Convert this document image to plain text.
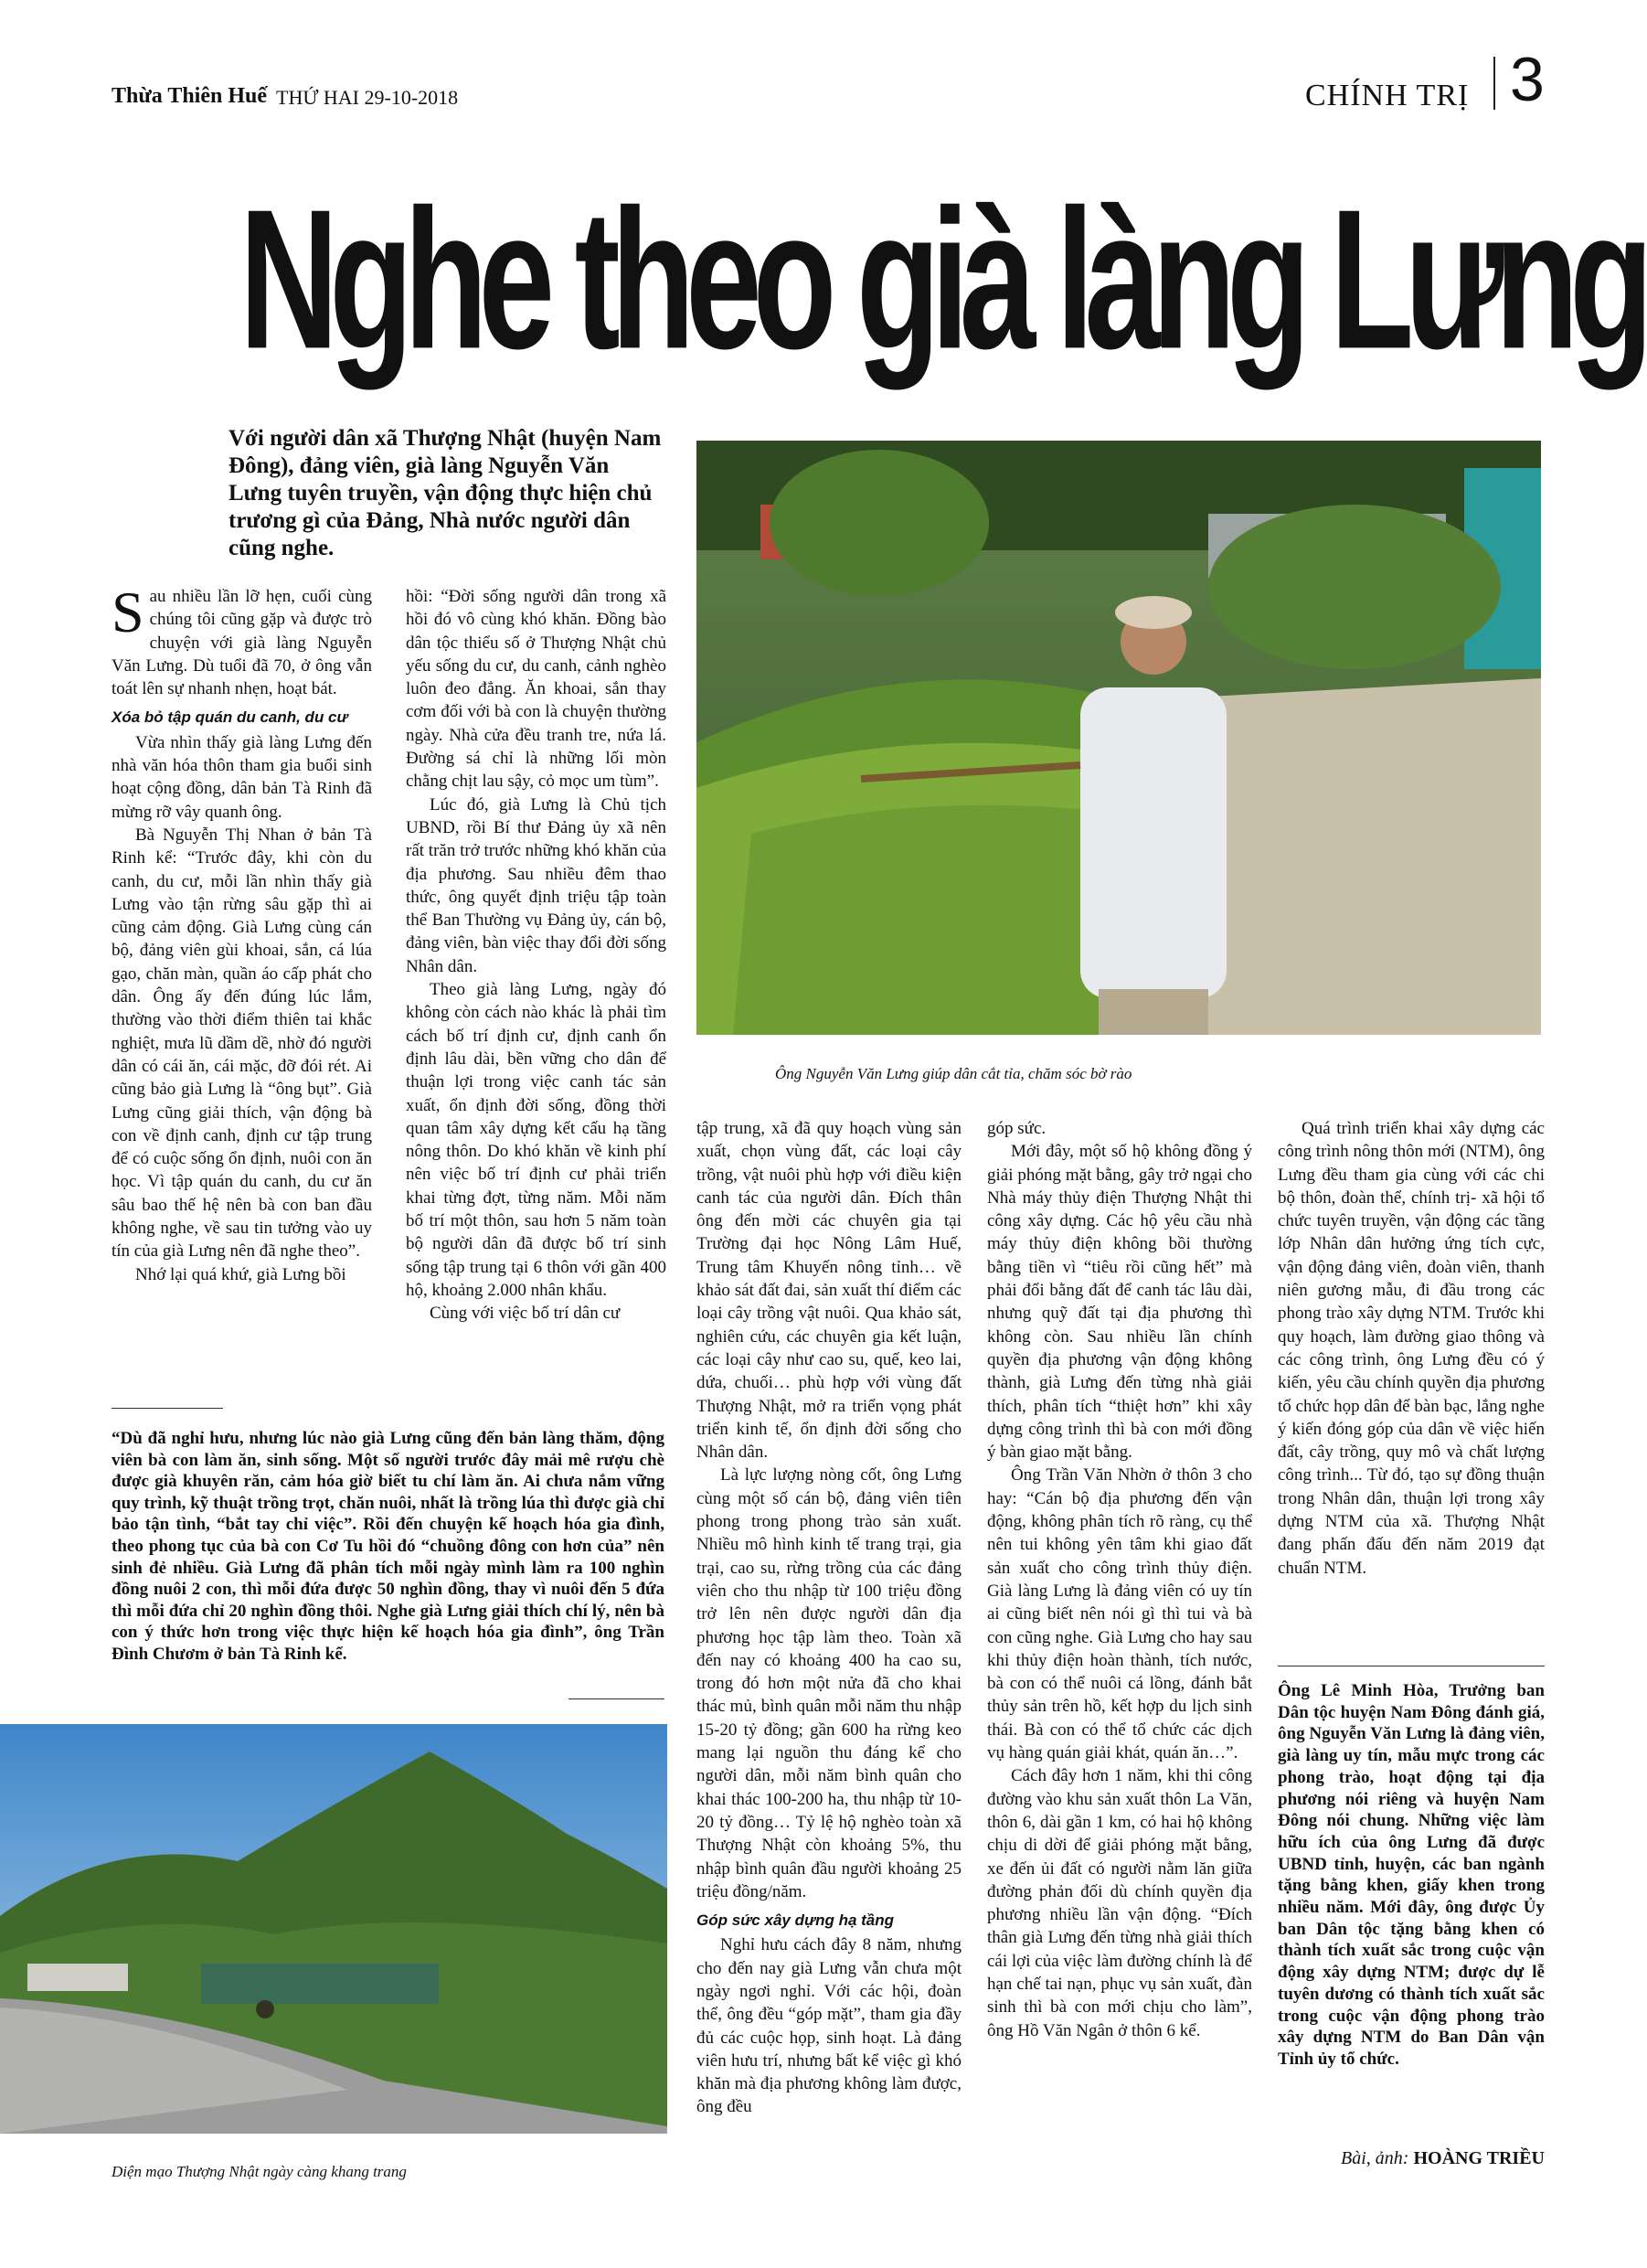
Thừa Thiên Huế THỨ HAI 29-10-2018	CHÍNH TRỊ 3
Nghe theo già làng Lưng
Với người dân xã Thượng Nhật (huyện Nam Đông), đảng viên, già làng Nguyễn Văn Lưng tuyên truyền, vận động thực hiện chủ trương gì của Đảng, Nhà nước người dân cũng nghe.
Ông Nguyễn Văn Lưng giúp dân cắt tỉa, chăm sóc bờ rào

Sau nhiều lần lỡ hẹn, cuối cùng chúng tôi cũng gặp và được trò chuyện với già làng Nguyễn Văn Lưng. Dù tuổi đã 70, ở ông vẫn toát lên sự nhanh nhẹn, hoạt bát.

Xóa bỏ tập quán du canh, du cư

Vừa nhìn thấy già làng Lưng đến nhà văn hóa thôn tham gia buổi sinh hoạt cộng đồng, dân bản Tà Rinh đã mừng rỡ vây quanh ông.

Bà Nguyễn Thị Nhan ở bản Tà Rinh kể: “Trước đây, khi còn du canh, du cư, mỗi lần nhìn thấy già Lưng vào tận rừng sâu gặp thì ai cũng cảm động. Già Lưng cùng cán bộ, đảng viên gùi khoai, sắn, cá lúa gạo, chăn màn, quần áo cấp phát cho dân. Ông ấy đến đúng lúc lắm, thường vào thời điểm thiên tai khắc nghiệt, mưa lũ dầm dề, nhờ đó người dân có cái ăn, cái mặc, đỡ đói rét. Ai cũng bảo già Lưng là “ông bụt”. Già Lưng cũng giải thích, vận động bà con về định canh, định cư tập trung để có cuộc sống ổn định, nuôi con ăn học. Vì tập quán du canh, du cư ăn sâu bao thế hệ nên bà con ban đầu không nghe, về sau tin tưởng vào uy tín của già Lưng nên đã nghe theo”.

Nhớ lại quá khứ, già Lưng bồi

hồi: “Đời sống người dân trong xã hồi đó vô cùng khó khăn. Đồng bào dân tộc thiểu số ở Thượng Nhật chủ yếu sống du cư, du canh, cảnh nghèo luôn đeo đẳng. Ăn khoai, sắn thay cơm đối với bà con là chuyện thường ngày. Nhà cửa đều tranh tre, nứa lá. Đường sá chỉ là những lối mòn chằng chịt lau sậy, cỏ mọc um tùm”.

Lúc đó, già Lưng là Chủ tịch UBND, rồi Bí thư Đảng ủy xã nên rất trăn trở trước những khó khăn của địa phương. Sau nhiều đêm thao thức, ông quyết định triệu tập toàn thể Ban Thường vụ Đảng ủy, cán bộ, đảng viên, bàn việc thay đổi đời sống Nhân dân.

Theo già làng Lưng, ngày đó không còn cách nào khác là phải tìm cách bố trí định cư, định canh ổn định lâu dài, bền vững cho dân để thuận lợi trong việc canh tác sản xuất, ổn định đời sống, đồng thời quan tâm xây dựng kết cấu hạ tầng nông thôn. Do khó khăn về kinh phí nên việc bố trí định cư phải triển khai từng đợt, từng năm. Mỗi năm bố trí một thôn, sau hơn 5 năm toàn bộ người dân đã được bố trí sinh sống tập trung tại 6 thôn với gần 400 hộ, khoảng 2.000 nhân khẩu.

Cùng với việc bố trí dân cư

“Dù đã nghỉ hưu, nhưng lúc nào già Lưng cũng đến bản làng thăm, động viên bà con làm ăn, sinh sống. Một số người trước đây mải mê rượu chè được già khuyên răn, cảm hóa giờ biết tu chí làm ăn. Ai chưa nắm vững quy trình, kỹ thuật trồng trọt, chăn nuôi, nhất là trồng lúa thì được già chỉ bảo tận tình, “bắt tay chỉ việc”. Rồi đến chuyện kế hoạch hóa gia đình, theo phong tục của bà con Cơ Tu hồi đó “chuồng đông con hơn của” nên sinh đẻ nhiều. Già Lưng đã phân tích mỗi ngày mình làm ra 100 nghìn đồng nuôi 2 con, thì mỗi đứa được 50 nghìn đồng, thay vì nuôi đến 5 đứa thì mỗi đứa chỉ 20 nghìn đồng thôi. Nghe già Lưng giải thích chí lý, nên bà con ý thức hơn trong việc thực hiện kế hoạch hóa gia đình”, ông Trần Đình Chươm ở bản Tà Rinh kể.
Diện mạo Thượng Nhật ngày càng khang trang

tập trung, xã đã quy hoạch vùng sản xuất, chọn vùng đất, các loại cây trồng, vật nuôi phù hợp với điều kiện canh tác của người dân. Đích thân ông đến mời các chuyên gia tại Trường đại học Nông Lâm Huế, Trung tâm Khuyến nông tỉnh… về khảo sát đất đai, sản xuất thí điểm các loại cây trồng vật nuôi. Qua khảo sát, nghiên cứu, các chuyên gia kết luận, các loại cây như cao su, quế, keo lai, dứa, chuối… phù hợp với vùng đất Thượng Nhật, mở ra triển vọng phát triển kinh tế, ổn định đời sống cho Nhân dân.

Là lực lượng nòng cốt, ông Lưng cùng một số cán bộ, đảng viên tiên phong trong phong trào sản xuất. Nhiều mô hình kinh tế trang trại, gia trại, cao su, rừng trồng của các đảng viên cho thu nhập từ 100 triệu đồng trở lên nên được người dân địa phương học tập làm theo. Toàn xã đến nay có khoảng 400 ha cao su, trong đó hơn một nửa đã cho khai thác mủ, bình quân mỗi năm thu nhập 15-20 tỷ đồng; gần 600 ha rừng keo mang lại nguồn thu đáng kể cho người dân, mỗi năm bình quân cho khai thác 100-200 ha, thu nhập từ 10-20 tỷ đồng… Tỷ lệ hộ nghèo toàn xã Thượng Nhật còn khoảng 5%, thu nhập bình quân đầu người khoảng 25 triệu đồng/năm.

Góp sức xây dựng hạ tầng

Nghỉ hưu cách đây 8 năm, nhưng cho đến nay già Lưng vẫn chưa một ngày ngơi nghỉ. Với các hội, đoàn thể, ông đều “góp mặt”, tham gia đầy đủ các cuộc họp, sinh hoạt. Là đảng viên hưu trí, nhưng bất kể việc gì khó khăn mà địa phương không làm được, ông đều

góp sức.

Mới đây, một số hộ không đồng ý giải phóng mặt bằng, gây trở ngại cho Nhà máy thủy điện Thượng Nhật thi công xây dựng. Các hộ yêu cầu nhà máy thủy điện không bồi thường bằng tiền vì “tiêu rồi cũng hết” mà phải đổi bằng đất để canh tác lâu dài, nhưng quỹ đất tại địa phương thì không còn. Sau nhiều lần chính quyền địa phương vận động không thành, già Lưng đến từng nhà giải thích, phân tích “thiệt hơn” khi xây dựng công trình thì bà con mới đồng ý bàn giao mặt bằng.

Ông Trần Văn Nhờn ở thôn 3 cho hay: “Cán bộ địa phương đến vận động, không phân tích rõ ràng, cụ thể nên tui không yên tâm khi giao đất sản xuất cho công trình thủy điện. Già làng Lưng là đảng viên có uy tín ai cũng biết nên nói gì thì tui và bà con cũng nghe. Già Lưng cho hay sau khi thủy điện hoàn thành, tích nước, bà con có thể nuôi cá lồng, đánh bắt thủy sản trên hồ, kết hợp du lịch sinh thái. Bà con có thể tổ chức các dịch vụ hàng quán giải khát, quán ăn…”.

Cách đây hơn 1 năm, khi thi công đường vào khu sản xuất thôn La Văn, thôn 6, dài gần 1 km, có hai hộ không chịu di dời để giải phóng mặt bằng, xe đến ủi đất có người nằm lăn giữa đường phản đối dù chính quyền địa phương nhiều lần vận động. “Đích thân già Lưng đến từng nhà giải thích cái lợi của việc làm đường chính là để hạn chế tai nạn, phục vụ sản xuất, đàn sinh thì bà con mới chịu cho làm”, ông Hồ Văn Ngân ở thôn 6 kể.

Quá trình triển khai xây dựng các công trình nông thôn mới (NTM), ông Lưng đều tham gia cùng với các chi bộ thôn, đoàn thể, chính trị- xã hội tổ chức tuyên truyền, vận động các tầng lớp Nhân dân hưởng ứng tích cực, vận động đảng viên, đoàn viên, thanh niên gương mẫu, đi đầu trong các phong trào xây dựng NTM. Trước khi quy hoạch, làm đường giao thông và các công trình, ông Lưng đều có ý kiến, yêu cầu chính quyền địa phương tổ chức họp dân để bàn bạc, lắng nghe ý kiến đóng góp của dân về việc hiến đất, cây trồng, quy mô và chất lượng công trình... Từ đó, tạo sự đồng thuận trong Nhân dân, thuận lợi trong xây dựng NTM của xã. Thượng Nhật đang phấn đấu đến năm 2019 đạt chuẩn NTM.

Ông Lê Minh Hòa, Trưởng ban Dân tộc huyện Nam Đông đánh giá, ông Nguyễn Văn Lưng là đảng viên, già làng uy tín, mẫu mực trong các phong trào, hoạt động tại địa phương nói riêng và huyện Nam Đông nói chung. Những việc làm hữu ích của ông Lưng đã được UBND tỉnh, huyện, các ban ngành tặng bằng khen, giấy khen trong nhiều năm. Mới đây, ông được Ủy ban Dân tộc tặng bằng khen có thành tích xuất sắc trong cuộc vận động xây dựng NTM; được dự lễ tuyên dương có thành tích xuất sắc trong cuộc vận động phong trào xây dựng NTM do Ban Dân vận Tỉnh ủy tổ chức.
Bài, ảnh: HOÀNG TRIỀU
